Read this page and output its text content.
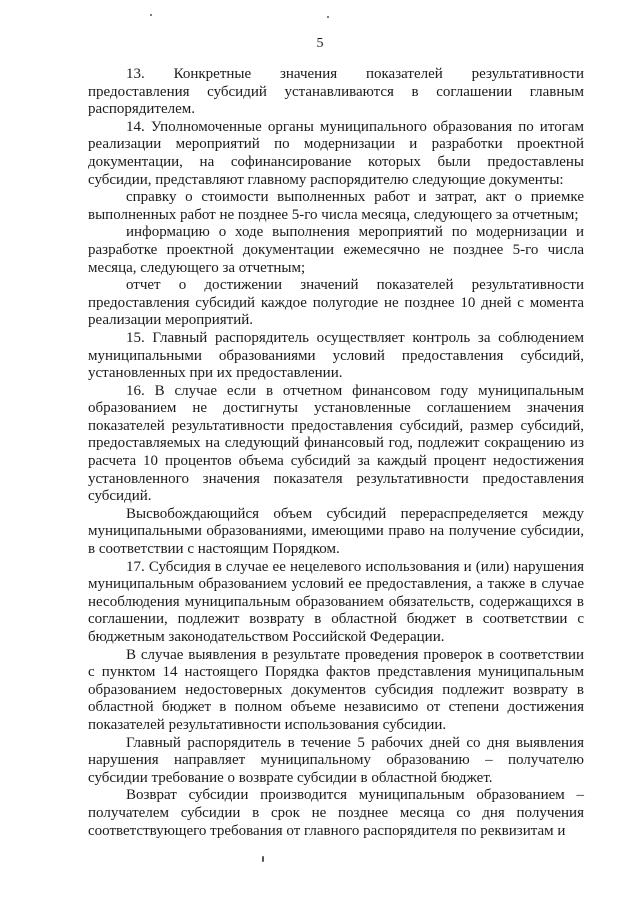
5

13. Конкретные значения показателей результативности предоставления субсидий устанавливаются в соглашении главным распорядителем.

14. Уполномоченные органы муниципального образования по итогам реализации мероприятий по модернизации и разработки проектной документации, на софинансирование которых были предоставлены субсидии, представляют главному распорядителю следующие документы:

справку о стоимости выполненных работ и затрат, акт о приемке выполненных работ не позднее 5-го числа месяца, следующего за отчетным;

информацию о ходе выполнения мероприятий по модернизации и разработке проектной документации ежемесячно не позднее 5-го числа месяца, следующего за отчетным;

отчет о достижении значений показателей результативности предоставления субсидий каждое полугодие не позднее 10 дней с момента реализации мероприятий.

15. Главный распорядитель осуществляет контроль за соблюдением муниципальными образованиями условий предоставления субсидий, установленных при их предоставлении.

16. В случае если в отчетном финансовом году муниципальным образованием не достигнуты установленные соглашением значения показателей результативности предоставления субсидий, размер субсидий, предоставляемых на следующий финансовый год, подлежит сокращению из расчета 10 процентов объема субсидий за каждый процент недостижения установленного значения показателя результативности предоставления субсидий.

Высвобождающийся объем субсидий перераспределяется между муниципальными образованиями, имеющими право на получение субсидии, в соответствии с настоящим Порядком.

17. Субсидия в случае ее нецелевого использования и (или) нарушения муниципальным образованием условий ее предоставления, а также в случае несоблюдения муниципальным образованием обязательств, содержащихся в соглашении, подлежит возврату в областной бюджет в соответствии с бюджетным законодательством Российской Федерации.

В случае выявления в результате проведения проверок в соответствии с пунктом 14 настоящего Порядка фактов представления муниципальным образованием недостоверных документов субсидия подлежит возврату в областной бюджет в полном объеме независимо от степени достижения показателей результативности использования субсидии.

Главный распорядитель в течение 5 рабочих дней со дня выявления нарушения направляет муниципальному образованию – получателю субсидии требование о возврате субсидии в областной бюджет.

Возврат субсидии производится муниципальным образованием – получателем субсидии в срок не позднее месяца со дня получения соответствующего требования от главного распорядителя по реквизитам и
